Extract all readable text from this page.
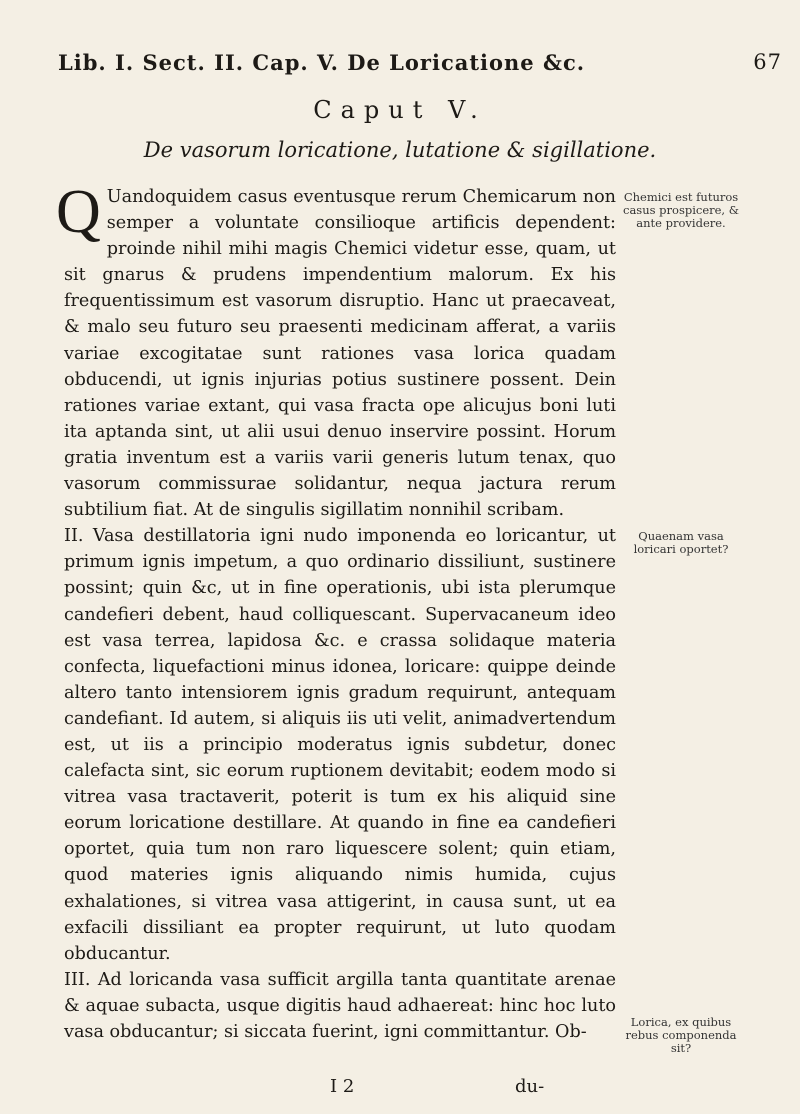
Lib. I. Sect. II. Cap. V. De Loricatione &c.	67
Caput V.
De vasorum loricatione, lutatione & sigillatione.

Q Uandoquidem casus eventusque rerum Chemicarum non semper a voluntate consilioque artificis dependent: proinde nihil mihi magis Chemici videtur esse, quam, ut sit gnarus & prudens impendentium malorum. Ex his frequentissimum est vasorum disruptio. Hanc ut praecaveat, & malo seu futuro seu praesenti medicinam afferat, a variis variae excogitatae sunt rationes vasa lorica quadam obducendi, ut ignis injurias potius sustinere possent. Dein rationes variae extant, qui vasa fracta ope alicujus boni luti ita aptanda sint, ut alii usui denuo inservire possint. Horum gratia inventum est a variis varii generis lutum tenax, quo vasorum commissurae solidantur, nequa jactura rerum subtilium fiat. At de singulis sigillatim nonnihil scribam.

II. Vasa destillatoria igni nudo imponenda eo loricantur, ut primum ignis impetum, a quo ordinario dissiliunt, sustinere possint; quin &c, ut in fine operationis, ubi ista plerumque candefieri debent, haud colliquescant. Supervacaneum ideo est vasa terrea, lapidosa &c. e crassa solidaque materia confecta, liquefactioni minus idonea, loricare: quippe deinde altero tanto intensiorem ignis gradum requirunt, antequam candefiant. Id autem, si aliquis iis uti velit, animadvertendum est, ut iis a principio moderatus ignis subdetur, donec calefacta sint, sic eorum ruptionem devitabit; eodem modo si vitrea vasa tractaverit, poterit is tum ex his aliquid sine eorum loricatione destillare. At quando in fine ea candefieri oportet, quia tum non raro liquescere solent; quin etiam, quod materies ignis aliquando nimis humida, cujus exhalationes, si vitrea vasa attigerint, in causa sunt, ut ea exfacili dissiliant ea propter requirunt, ut luto quodam obducantur.

III. Ad loricanda vasa sufficit argilla tanta quantitate arenae & aquae subacta, usque digitis haud adhaereat: hinc hoc luto vasa obducantur; si siccata fuerint, igni committantur. Ob-

Chemici est futuros casus prospicere, & ante providere.
Quaenam vasa loricari oportet?
Lorica, ex quibus rebus componenda sit?
I 2	du-
